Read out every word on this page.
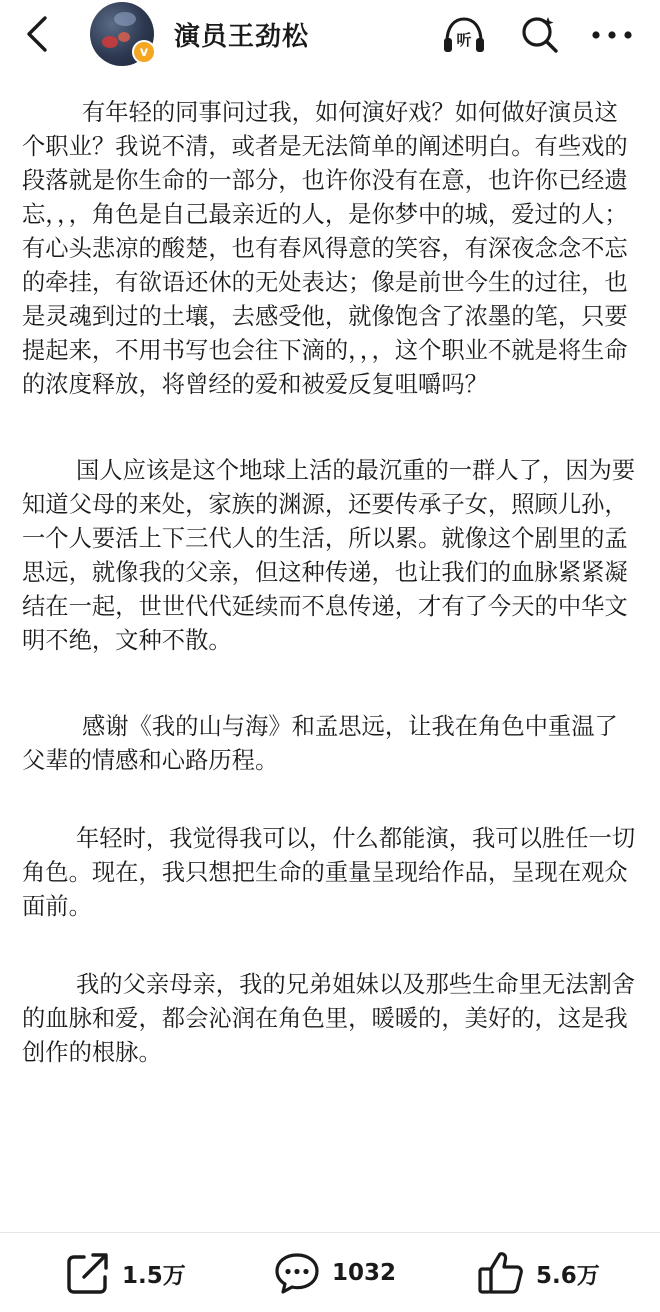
v 演员王劲松	听

有年轻的同事问过我，如何演好戏？如何做好演员这个职业？我说不清，或者是无法简单的阐述明白。有些戏的段落就是你生命的一部分，也许你没有在意，也许你已经遗忘，，，角色是自己最亲近的人，是你梦中的城，爱过的人；有心头悲凉的酸楚，也有春风得意的笑容，有深夜念念不忘的牵挂，有欲语还休的无处表达；像是前世今生的过往，也是灵魂到过的土壤，去感受他，就像饱含了浓墨的笔，只要提起来，不用书写也会往下滴的，，，这个职业不就是将生命的浓度释放，将曾经的爱和被爱反复咀嚼吗？

国人应该是这个地球上活的最沉重的一群人了，因为要知道父母的来处，家族的渊源，还要传承子女，照顾儿孙，一个人要活上下三代人的生活，所以累。就像这个剧里的孟思远，就像我的父亲，但这种传递，也让我们的血脉紧紧凝结在一起，世世代代延续而不息传递，才有了今天的中华文明不绝，文种不散。

感谢《我的山与海》和孟思远，让我在角色中重温了父辈的情感和心路历程。

年轻时，我觉得我可以，什么都能演，我可以胜任一切角色。现在，我只想把生命的重量呈现给作品，呈现在观众面前。

我的父亲母亲，我的兄弟姐妹以及那些生命里无法割舍的血脉和爱，都会沁润在角色里，暖暖的，美好的，这是我创作的根脉。

1.5万	1032	5.6万
